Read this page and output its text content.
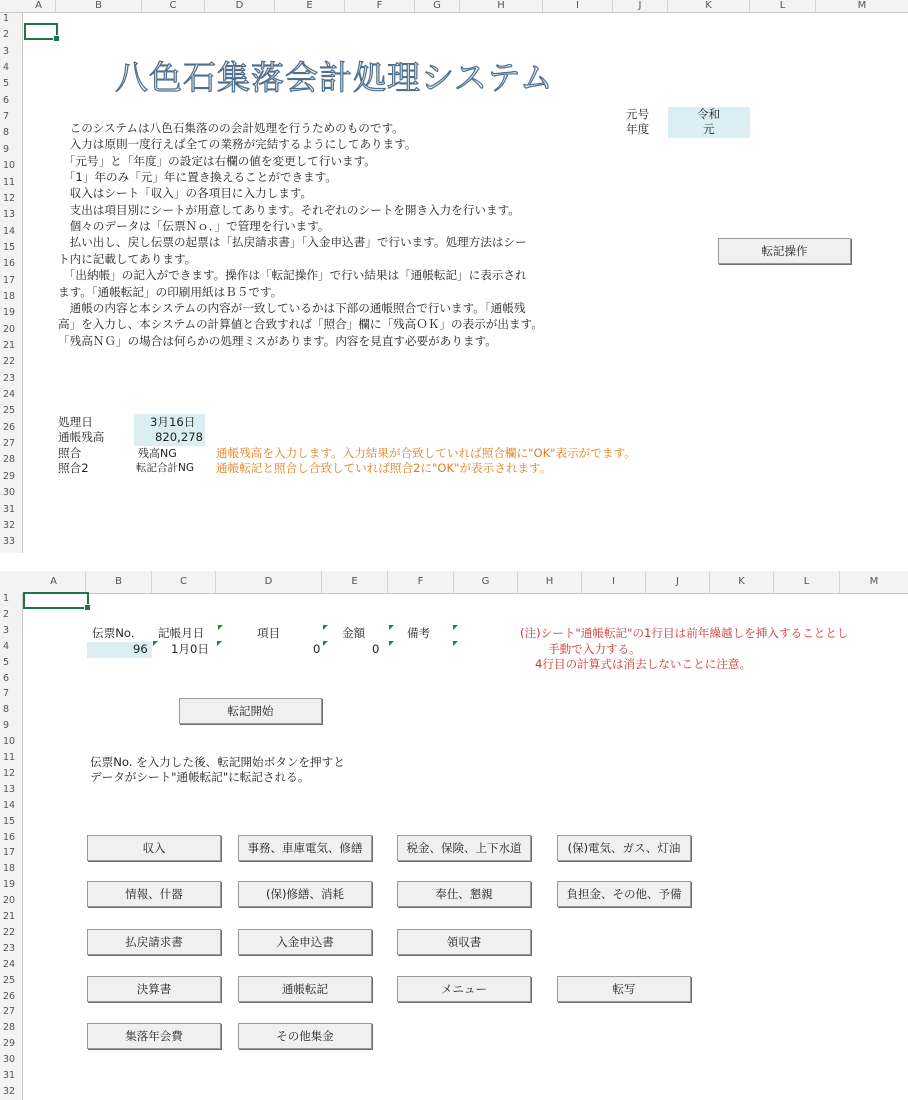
A	B	C	D	E	F	G	H	I	J	K	L	M
1
2
3
4
5
6
7
8
9
10
11
12
13
14
15
16
17
18
19
20
21
22
23
24
25
26
27
28
29
30
31
32
33
八色石集落会計処理システム
元号	令和
年度	元
　このシステムは八色石集落のの会計処理を行うためのものです。
　入力は原則一度行えば全ての業務が完結するようにしてあります。
　「元号」と「年度」の設定は右欄の値を変更して行います。
　「1」年のみ「元」年に置き換えることができます。
　収入はシート「収入」の各項目に入力します。
　支出は項目別にシートが用意してあります。それぞれのシートを開き入力を行います。
　個々のデータは「伝票Ｎｏ．」で管理を行います。
　払い出し、戻し伝票の起票は「払戻請求書」「入金申込書」で行います。処理方法はシー
ト内に記載してあります。
　「出納帳」の記入ができます。操作は「転記操作」で行い結果は「通帳転記」に表示され
ます。「通帳転記」の印刷用紙はＢ５です。
　通帳の内容と本システムの内容が一致しているかは下部の通帳照合で行います。「通帳残
高」を入力し、本システムの計算値と合致すれば「照合」欄に「残高ＯＫ」の表示が出ます。
「残高ＮＧ」の場合は何らかの処理ミスがあります。内容を見直す必要があります。
転記操作
処理日	3月16日
通帳残高	820,278
照合	残高NG	通帳残高を入力します。入力結果が合致していれば照合欄に"OK"表示がでます。
照合2	転記合計NG 通帳転記と照合し合致していれば照合2に"OK"が表示されます。
A	B	C	D	E	F	G	H	I	J	K	L	M
1
2
3
4
5
6
7
8
9
10
11
12
13
14
15
16
17
18
19
20
21
22
23
24
25
26
27
28
29
30
31
32
伝票No. 記帳月日	項目	金額	備考
96 1月0日	0	0
(注)シート"通帳転記"の1行目は前年繰越しを挿入することとし
手動で入力する。
4行目の計算式は消去しないことに注意。
転記開始
伝票No. を入力した後、転記開始ボタンを押すと
データがシート"通帳転記"に転記される。
収入	事務、車庫電気、修繕	税金、保険、上下水道	(保)電気、ガス、灯油
情報、什器	(保)修繕、消耗	奉仕、懇親	負担金、その他、予備
払戻請求書	入金申込書	領収書
決算書	通帳転記	メニュー	転写
集落年会費	その他集金
